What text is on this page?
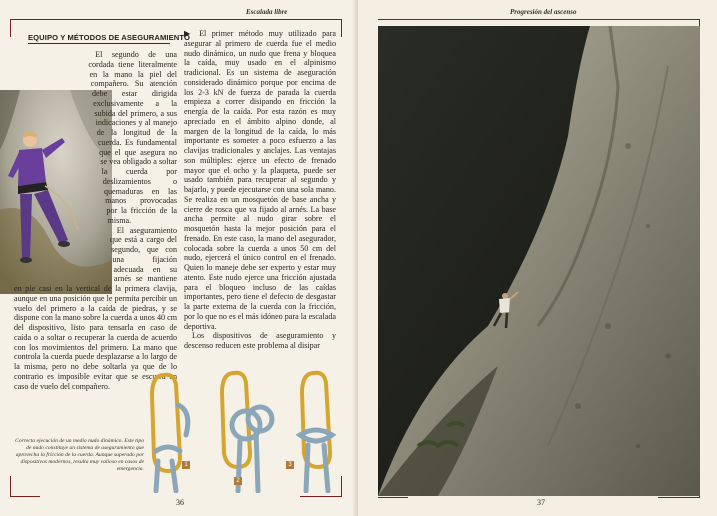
Escalada libre
EQUIPO Y MÉTODOS DE ASEGURAMIENTO

El segundo de una cordada tiene literalmente en la mano la piel del compañero. Su atención debe estar dirigida exclusivamente a la subida del primero, a sus indicaciones y al manejo de la longitud de la cuerda. Es fundamental que el que asegura no se vea obligado a soltar la cuerda por deslizamientos o quemaduras en las manos provocadas por la fricción de la misma.

El aseguramiento que está a cargo del segundo, que con una fijación adecuada en su arnés se mantiene en pie casi en la vertical de la primera clavija, aunque en una posición que le permita percibir un vuelo del primero a la caída de piedras, y se dispone con la mano sobre la cuerda a unos 40 cm del dispositivo, listo para tensarla en caso de caída o a soltar o recuperar la cuerda de acuerdo con los movimientos del primero. La mano que controla la cuerda puede desplazarse a lo largo de la misma, pero no debe soltarla ya que de lo contrario es imposible evitar que se escurra en caso de vuelo del compañero.

▶ El primer método muy utilizado para asegurar al primero de cuerda fue el medio nudo dinámico, un nudo que frena y bloquea la caída, muy usado en el alpinismo tradicional. Es un sistema de aseguración considerado dinámico porque por encima de los 2-3 kN de fuerza de parada la cuerda empieza a correr disipando en fricción la energía de la caída. Por esta razón es muy apreciado en el ámbito alpino donde, al margen de la longitud de la caída, lo más importante es someter a poco esfuerzo a las clavijas tradicionales y anclajes. Las ventajas son múltiples: ejerce un efecto de frenado mayor que el ocho y la plaqueta, puede ser usado también para recuperar al segundo y bajarlo, y puede ejecutarse con una sola mano. Se realiza en un mosquetón de base ancha y cierre de rosca que va fijado al arnés. La base ancha permite al nudo girar sobre el mosquetón hasta la mejor posición para el frenado. En este caso, la mano del asegurador, colocada sobre la cuerda a unos 50 cm del nudo, ejercerá el único control en el frenado. Quien lo maneje debe ser experto y estar muy atento. Este nudo ejerce una fricción ajustada para el bloqueo incluso de las caídas importantes, pero tiene el defecto de desgastar la parte externa de la cuerda con la fricción, por lo que no es el más idóneo para la escalada deportiva.

Los dispositivos de aseguramiento y descenso reducen este problema al disipar

Correcta ejecución de un medio nudo dinámico. Este tipo de nudo constituye un sistema de aseguramiento que aprovecha la fricción de la cuerda. Aunque superado por dispositivos modernos, resulta muy valioso en casos de emergencia.
1
2
3
36
Progresión del ascenso
37
